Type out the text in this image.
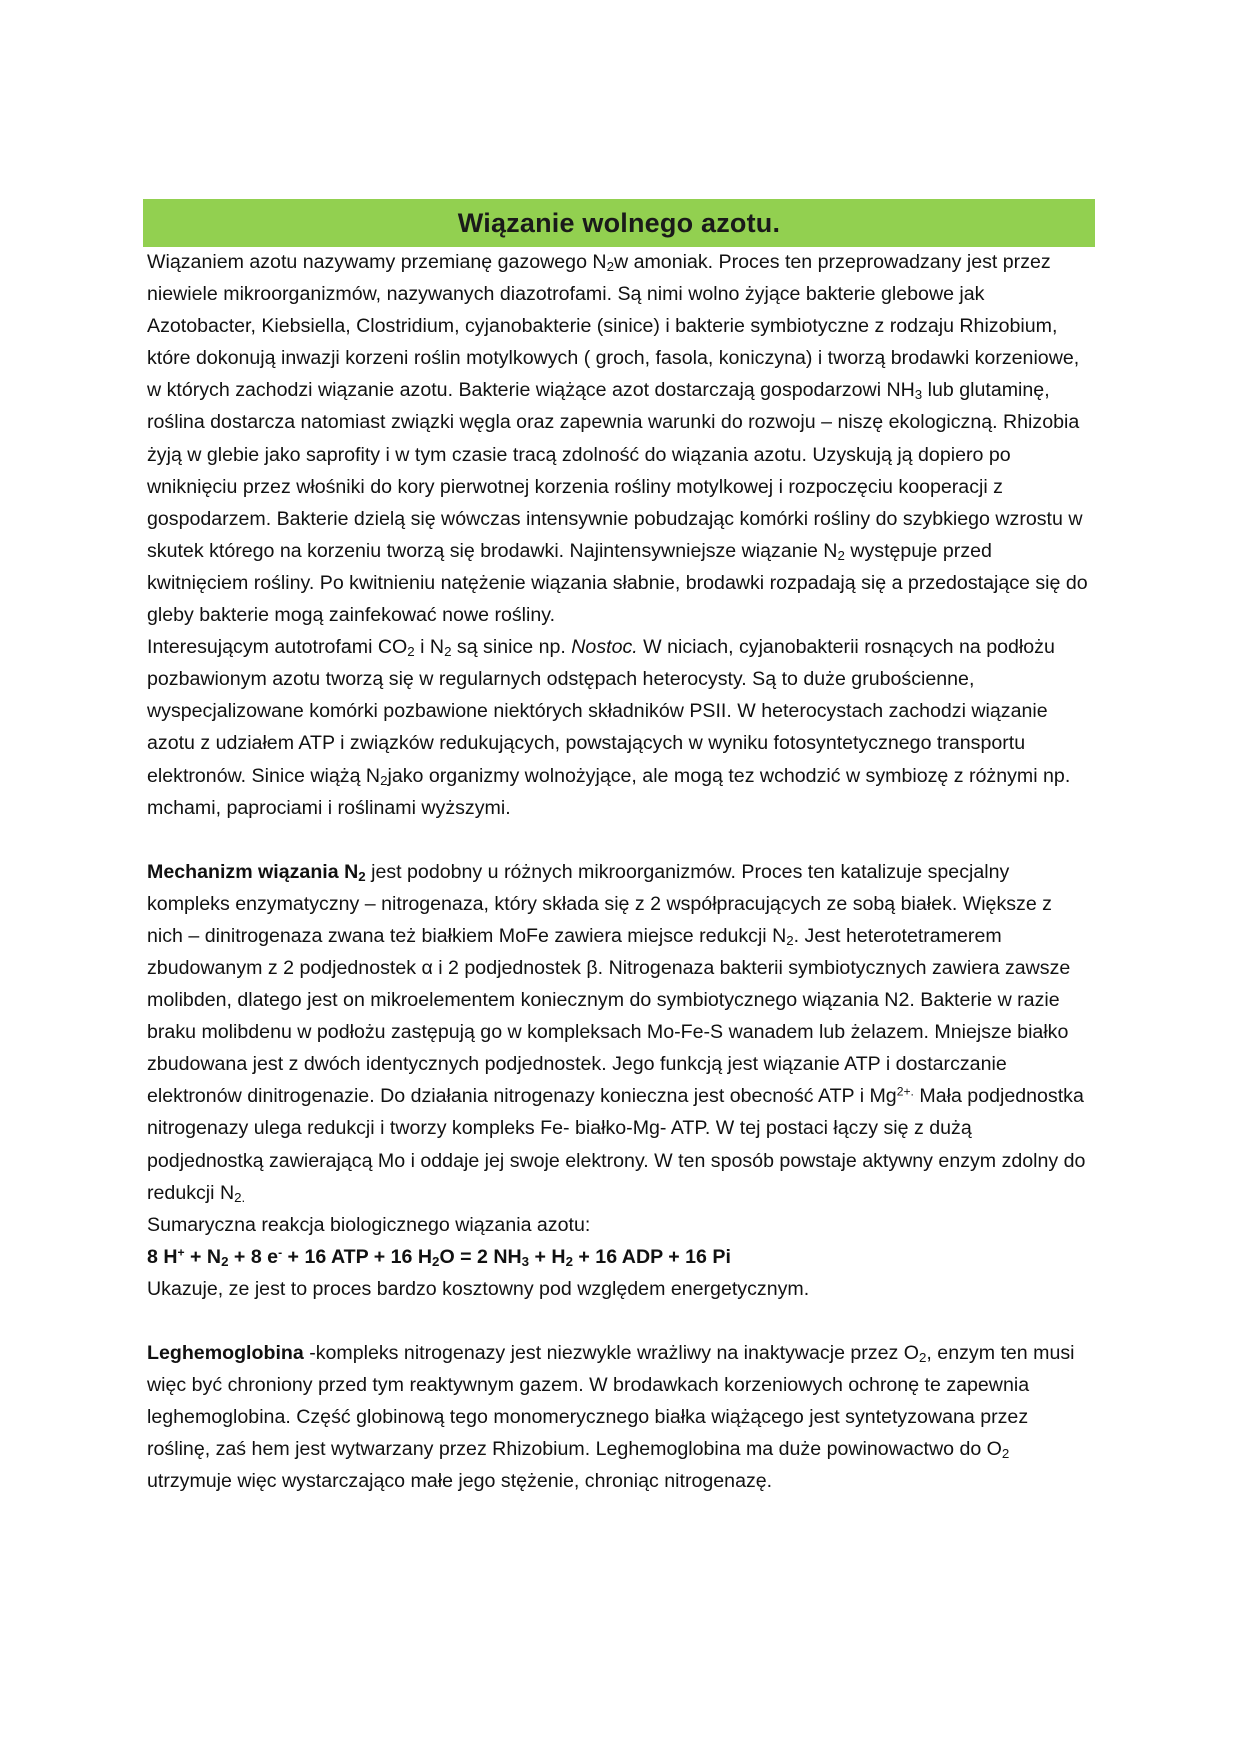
Wiązanie wolnego azotu.

Wiązaniem azotu nazywamy przemianę gazowego $N_2w$ amoniak. Proces ten przeprowadzany jest przez niewiele mikroorganizmów, nazywanych diazotrofami. Są nimi wolno żyjące bakterie glebowe jak Azotobacter, Kiebsiella, Clostridium, cyjanobakterie (sinice) i bakterie symbiotyczne z rodzaju Rhizobium, które dokonują inwazji korzeni roślin motylkowych ( groch, fasola, koniczyna) i tworzą brodawki korzeniowe, w których zachodzi wiązanie azotu. Bakterie wiążące azot dostarczają gospodarzowi $NH_3$ lub glutaminę, roślina dostarcza natomiast związki węgla oraz zapewnia warunki do rozwoju – niszę ekologiczną. Rhizobia żyją w glebie jako saprofity i w tym czasie tracą zdolność do wiązania azotu. Uzyskują ją dopiero po wniknięciu przez włośniki do kory pierwotnej korzenia rośliny motylkowej i rozpoczęciu kooperacji z gospodarzem. Bakterie dzielą się wówczas intensywnie pobudzając komórki rośliny do szybkiego wzrostu w skutek którego na korzeniu tworzą się brodawki. Najintensywniejsze wiązanie $N_2$ występuje przed kwitnięciem rośliny. Po kwitnieniu natężenie wiązania słabnie, brodawki rozpadają się a przedostające się do gleby bakterie mogą zainfekować nowe rośliny.

Interesującym autotrofami $CO_2$ i $N_2$ są sinice np. Nostoc. W niciach, cyjanobakterii rosnących na podłożu pozbawionym azotu tworzą się w regularnych odstępach heterocysty. Są to duże grubościenne, wyspecjalizowane komórki pozbawione niektórych składników PSII. W heterocystach zachodzi wiązanie azotu z udziałem ATP i związków redukujących, powstających w wyniku fotosyntetycznego transportu elektronów. Sinice wiążą $N_2jako$ organizmy wolnożyjące, ale mogą tez wchodzić w symbiozę z różnymi np. mchami, paprociami i roślinami wyższymi.

Mechanizm wiązania $N_2$ jest podobny u różnych mikroorganizmów. Proces ten katalizuje specjalny kompleks enzymatyczny – nitrogenaza, który składa się z 2 współpracujących ze sobą białek. Większe z nich – dinitrogenaza zwana też białkiem MoFe zawiera miejsce redukcji $N_2$. Jest heterotetramerem zbudowanym z 2 podjednostek α i 2 podjednostek β. Nitrogenaza bakterii symbiotycznych zawiera zawsze molibden, dlatego jest on mikroelementem koniecznym do symbiotycznego wiązania N2. Bakterie w razie braku molibdenu w podłożu zastępują go w kompleksach Mo-Fe-S wanadem lub żelazem. Mniejsze białko zbudowana jest z dwóch identycznych podjednostek. Jego funkcją jest wiązanie ATP i dostarczanie elektronów dinitrogenazie. Do działania nitrogenazy konieczna jest obecność ATP i $Mg^{2+.}$ Mała podjednostka nitrogenazy ulega redukcji i tworzy kompleks Fe- białko-Mg- ATP. W tej postaci łączy się z dużą podjednostką zawierającą Mo i oddaje jej swoje elektrony. W ten sposób powstaje aktywny enzym zdolny do redukcji $N_{2.}$

Sumaryczna reakcja biologicznego wiązania azotu:

8 $H^+ + N_2 + 8$ e- + 16 ATP + 16 $H_2O = 2$ $NH_3 + H_2 + 16$ ADP + 16 Pi

Ukazuje, ze jest to proces bardzo kosztowny pod względem energetycznym.

Leghemoglobina -kompleks nitrogenazy jest niezwykle wrażliwy na inaktywacje przez $O_2$, enzym ten musi więc być chroniony przed tym reaktywnym gazem. W brodawkach korzeniowych ochronę te zapewnia leghemoglobina. Część globinową tego monomerycznego białka wiążącego jest syntetyzowana przez roślinę, zaś hem jest wytwarzany przez Rhizobium. Leghemoglobina ma duże powinowactwo do $O_2$ utrzymuje więc wystarczająco małe jego stężenie, chroniąc nitrogenazę.
